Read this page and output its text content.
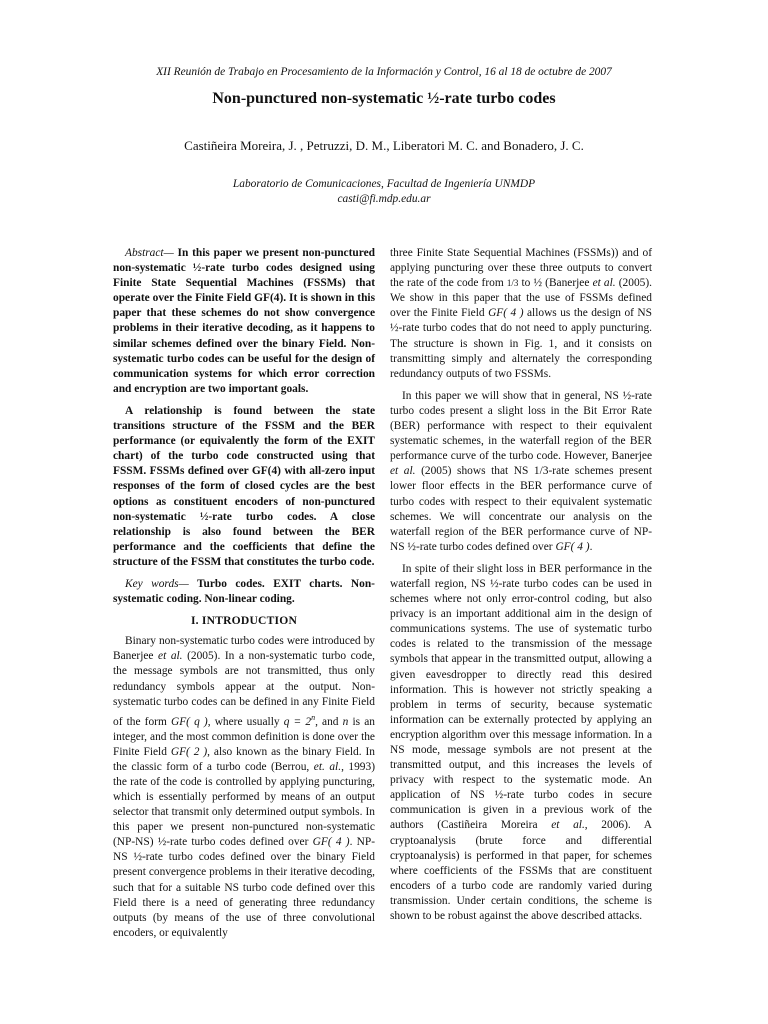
XII Reunión de Trabajo en Procesamiento de la Información y Control, 16 al 18 de octubre de 2007
Non-punctured non-systematic ½-rate turbo codes
Castiñeira Moreira, J. , Petruzzi, D. M., Liberatori M. C. and Bonadero, J. C.
Laboratorio de Comunicaciones, Facultad de Ingeniería UNMDP
casti@fi.mdp.edu.ar

Abstract— In this paper we present non-punctured non-systematic ½-rate turbo codes designed using Finite State Sequential Machines (FSSMs) that operate over the Finite Field GF(4). It is shown in this paper that these schemes do not show convergence problems in their iterative decoding, as it happens to similar schemes defined over the binary Field. Non-systematic turbo codes can be useful for the design of communication systems for which error correction and encryption are two important goals.

A relationship is found between the state transitions structure of the FSSM and the BER performance (or equivalently the form of the EXIT chart) of the turbo code constructed using that FSSM. FSSMs defined over GF(4) with all-zero input responses of the form of closed cycles are the best options as constituent encoders of non-punctured non-systematic ½-rate turbo codes. A close relationship is also found between the BER performance and the coefficients that define the structure of the FSSM that constitutes the turbo code.

Key words— Turbo codes. EXIT charts. Non-systematic coding. Non-linear coding.

I. INTRODUCTION

Binary non-systematic turbo codes were introduced by Banerjee et al. (2005). In a non-systematic turbo code, the message symbols are not transmitted, thus only redundancy symbols appear at the output. Non-systematic turbo codes can be defined in any Finite Field of the form GF( q ), where usually $q = 2^n$, and n is an integer, and the most common definition is done over the Finite Field GF( 2 ), also known as the binary Field. In the classic form of a turbo code (Berrou, et. al., 1993) the rate of the code is controlled by applying puncturing, which is essentially performed by means of an output selector that transmit only determined output symbols. In this paper we present non-punctured non-systematic (NP-NS) ½-rate turbo codes defined over GF( 4 ). NP-NS ½-rate turbo codes defined over the binary Field present convergence problems in their iterative decoding, such that for a suitable NS turbo code defined over this Field there is a need of generating three redundancy outputs (by means of the use of three convolutional encoders, or equivalently

three Finite State Sequential Machines (FSSMs)) and of applying puncturing over these three outputs to convert the rate of the code from 1/3 to ½ (Banerjee et al. (2005). We show in this paper that the use of FSSMs defined over the Finite Field GF( 4 ) allows us the design of NS ½-rate turbo codes that do not need to apply puncturing. The structure is shown in Fig. 1, and it consists on transmitting simply and alternately the corresponding redundancy outputs of two FSSMs.

In this paper we will show that in general, NS ½-rate turbo codes present a slight loss in the Bit Error Rate (BER) performance with respect to their equivalent systematic schemes, in the waterfall region of the BER performance curve of the turbo code. However, Banerjee et al. (2005) shows that NS 1/3-rate schemes present lower floor effects in the BER performance curve of turbo codes with respect to their equivalent systematic schemes. We will concentrate our analysis on the waterfall region of the BER performance curve of NP-NS ½-rate turbo codes defined over GF( 4 ).

In spite of their slight loss in BER performance in the waterfall region, NS ½-rate turbo codes can be used in schemes where not only error-control coding, but also privacy is an important additional aim in the design of communications systems. The use of systematic turbo codes is related to the transmission of the message symbols that appear in the transmitted output, allowing a given eavesdropper to directly read this desired information. This is however not strictly speaking a problem in terms of security, because systematic information can be externally protected by applying an encryption algorithm over this message information. In a NS mode, message symbols are not present at the transmitted output, and this increases the levels of privacy with respect to the systematic mode. An application of NS ½-rate turbo codes in secure communication is given in a previous work of the authors (Castiñeira Moreira et al., 2006). A cryptoanalysis (brute force and differential cryptoanalysis) is performed in that paper, for schemes where coefficients of the FSSMs that are constituent encoders of a turbo code are randomly varied during transmission. Under certain conditions, the scheme is shown to be robust against the above described attacks.
